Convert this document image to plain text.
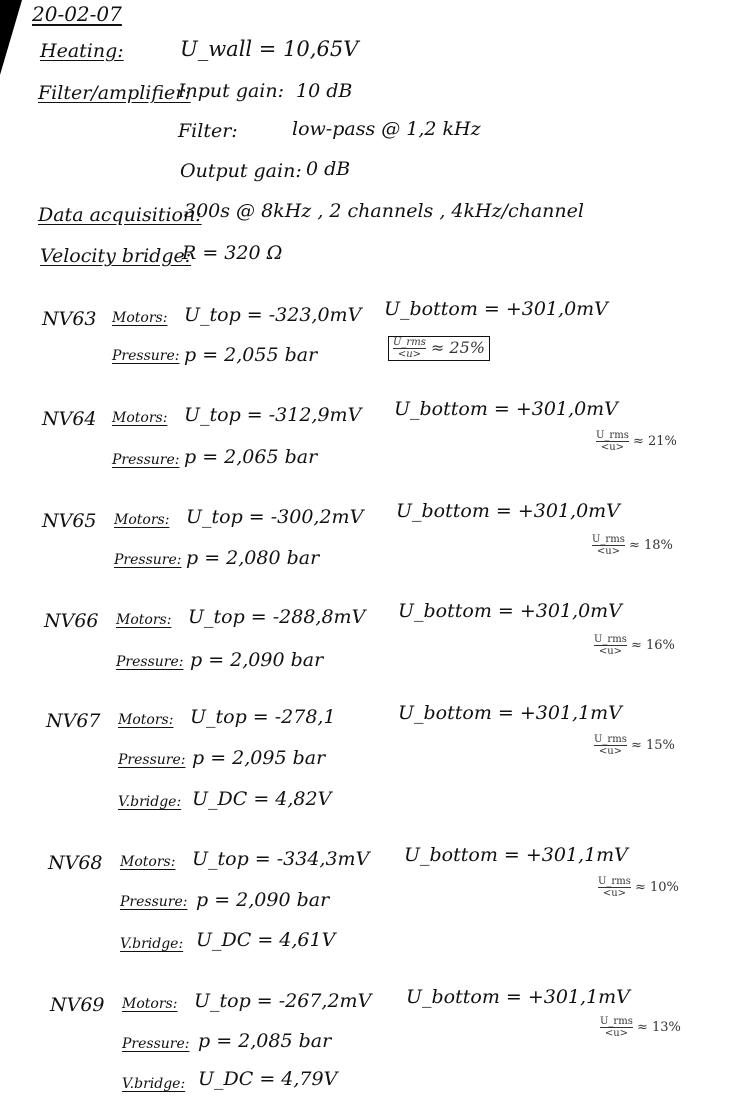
20-02-07
Heating:	U_wall = 10,65V
Filter/amplifier:
Input gain: 10 dB
Filter:	low-pass @ 1,2 kHz
Output gain: 0 dB
Data acquisition:
300s @ 8kHz , 2 channels , 4kHz/channel
Velocity bridge:
R = 320 Ω
NV63 Motors: U_top = -323,0mV U_bottom = +301,0mV
Pressure: p = 2,055 bar	$\frac{\text{U\_rms}}{<u>} \approx 25\%$
NV64 Motors: U_top = -312,9mV U_bottom = +301,0mV
Pressure: p = 2,065 bar
$\frac{\text{U\_rms}}{<u>} \approx 21\%$
NV65 Motors: U_top = -300,2mV U_bottom = +301,0mV
Pressure: p = 2,080 bar
$\frac{\text{U\_rms}}{<u>} \approx 18\%$
NV66 Motors: U_top = -288,8mV U_bottom = +301,0mV
Pressure: p = 2,090 bar
$\frac{\text{U\_rms}}{<u>} \approx 16\%$
NV67 Motors: U_top = -278,1	U_bottom = +301,1mV
Pressure: p = 2,095 bar
V.bridge: U_DC = 4,82V
$\frac{\text{U\_rms}}{<u>} \approx 15\%$
NV68 Motors: U_top = -334,3mV U_bottom = +301,1mV
Pressure: p = 2,090 bar
V.bridge: U_DC = 4,61V
$\frac{\text{U\_rms}}{<u>} \approx 10\%$
NV69 Motors: U_top = -267,2mV U_bottom = +301,1mV
Pressure: p = 2,085 bar
V.bridge: U_DC = 4,79V
$\frac{\text{U\_rms}}{<u>} \approx 13\%$
